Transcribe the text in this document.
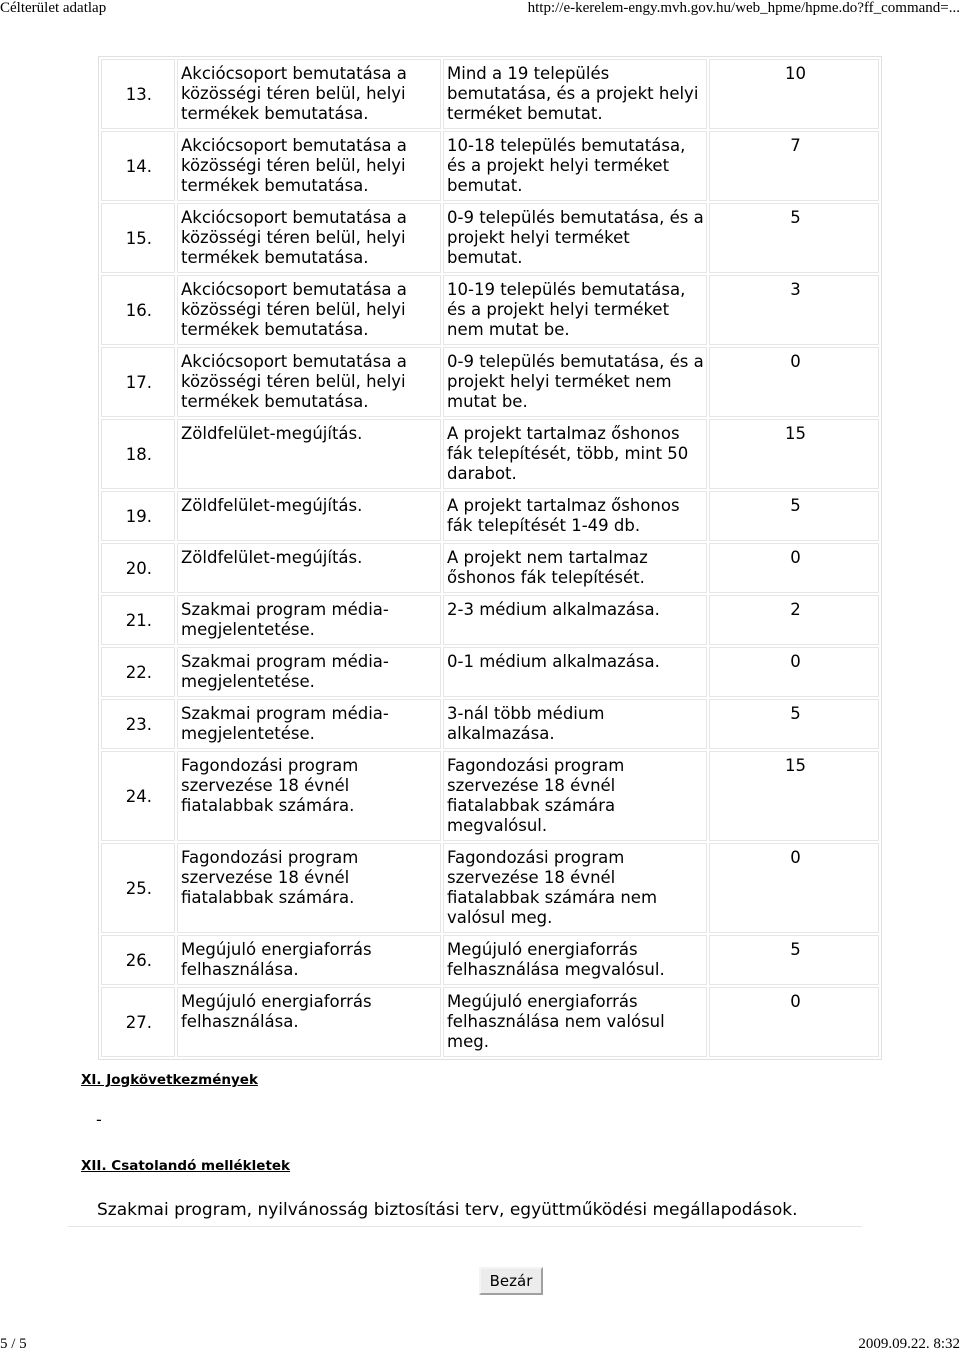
Célterület adatlap	http://e-kerelem-engy.mvh.gov.hu/web_hpme/hpme.do?ff_command=...
13.	Akciócsoport bemutatása a közösségi téren belül, helyi termékek bemutatása.	Mind a 19 település bemutatása, és a projekt helyi terméket bemutat.	10
14.	Akciócsoport bemutatása a közösségi téren belül, helyi termékek bemutatása.	10-18 település bemutatása, és a projekt helyi terméket bemutat.	7
15.	Akciócsoport bemutatása a közösségi téren belül, helyi termékek bemutatása.	0-9 település bemutatása, és a projekt helyi terméket bemutat.	5
16.	Akciócsoport bemutatása a közösségi téren belül, helyi termékek bemutatása.	10-19 település bemutatása, és a projekt helyi terméket nem mutat be.	3
17.	Akciócsoport bemutatása a közösségi téren belül, helyi termékek bemutatása.	0-9 település bemutatása, és a projekt helyi terméket nem mutat be.	0
18.	Zöldfelület-megújítás.	A projekt tartalmaz őshonos fák telepítését, több, mint 50 darabot.	15
19.	Zöldfelület-megújítás.	A projekt tartalmaz őshonos fák telepítését 1-49 db.	5
20.	Zöldfelület-megújítás.	A projekt nem tartalmaz őshonos fák telepítését.	0
21.	Szakmai program média-megjelentetése.	2-3 médium alkalmazása.	2
22.	Szakmai program média-megjelentetése.	0-1 médium alkalmazása.	0
23.	Szakmai program média-megjelentetése.	3-nál több médium alkalmazása.	5
24.	Fagondozási program szervezése 18 évnél fiatalabbak számára.	Fagondozási program szervezése 18 évnél fiatalabbak számára megvalósul.	15
25.	Fagondozási program szervezése 18 évnél fiatalabbak számára.	Fagondozási program szervezése 18 évnél fiatalabbak számára nem valósul meg.	0
26.	Megújuló energiaforrás felhasználása.	Megújuló energiaforrás felhasználása megvalósul.	5
27.	Megújuló energiaforrás felhasználása.	Megújuló energiaforrás felhasználása nem valósul meg.	0
XI. Jogkövetkezmények
-
XII. Csatolandó mellékletek
Szakmai program, nyilvánosság biztosítási terv, együttműködési megállapodások.
Bezár
5 / 5	2009.09.22. 8:32
